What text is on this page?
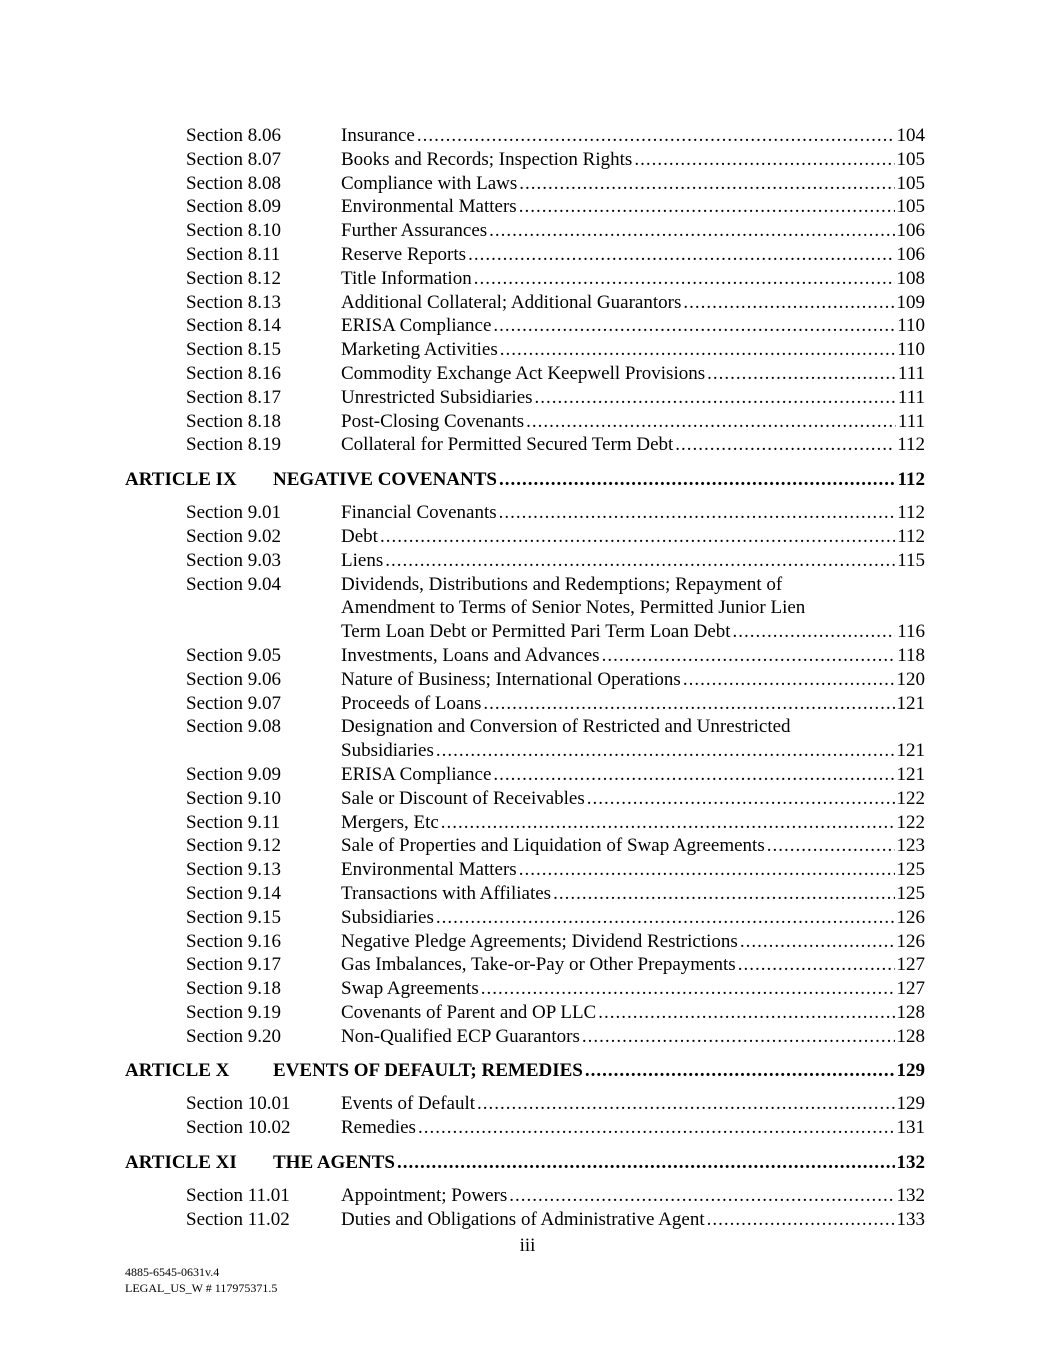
Section 8.06	Insurance .....	104
Section 8.07	Books and Records; Inspection Rights .....	105
Section 8.08	Compliance with Laws .....	105
Section 8.09	Environmental Matters .....	105
Section 8.10	Further Assurances .....	106
Section 8.11	Reserve Reports .....	106
Section 8.12	Title Information .....	108
Section 8.13	Additional Collateral; Additional Guarantors .....	109
Section 8.14	ERISA Compliance .....	110
Section 8.15	Marketing Activities .....	110
Section 8.16	Commodity Exchange Act Keepwell Provisions .....	111
Section 8.17	Unrestricted Subsidiaries .....	111
Section 8.18	Post-Closing Covenants .....	111
Section 8.19	Collateral for Permitted Secured Term Debt .....	112
ARTICLE IX NEGATIVE COVENANTS .....	112
Section 9.01	Financial Covenants .....	112
Section 9.02	Debt .....	112
Section 9.03	Liens .....	115
Section 9.04	Dividends, Distributions and Redemptions; Repayment of
Amendment to Terms of Senior Notes, Permitted Junior Lien
Term Loan Debt or Permitted Pari Term Loan Debt .....	116
Section 9.05	Investments, Loans and Advances .....	118
Section 9.06	Nature of Business; International Operations .....	120
Section 9.07	Proceeds of Loans .....	121
Section 9.08	Designation and Conversion of Restricted and Unrestricted
Subsidiaries .....	121
Section 9.09	ERISA Compliance .....	121
Section 9.10	Sale or Discount of Receivables .....	122
Section 9.11	Mergers, Etc .....	122
Section 9.12	Sale of Properties and Liquidation of Swap Agreements .....	123
Section 9.13	Environmental Matters .....	125
Section 9.14	Transactions with Affiliates .....	125
Section 9.15	Subsidiaries .....	126
Section 9.16	Negative Pledge Agreements; Dividend Restrictions .....	126
Section 9.17	Gas Imbalances, Take-or-Pay or Other Prepayments .....	127
Section 9.18	Swap Agreements .....	127
Section 9.19	Covenants of Parent and OP LLC .....	128
Section 9.20	Non-Qualified ECP Guarantors .....	128
ARTICLE X EVENTS OF DEFAULT; REMEDIES .....	129
Section 10.01	Events of Default .....	129
Section 10.02	Remedies .....	131
ARTICLE XI THE AGENTS .....	132
Section 11.01	Appointment; Powers .....	132
Section 11.02	Duties and Obligations of Administrative Agent .....	133
iii
4885-6545-0631v.4
LEGAL_US_W # 117975371.5
